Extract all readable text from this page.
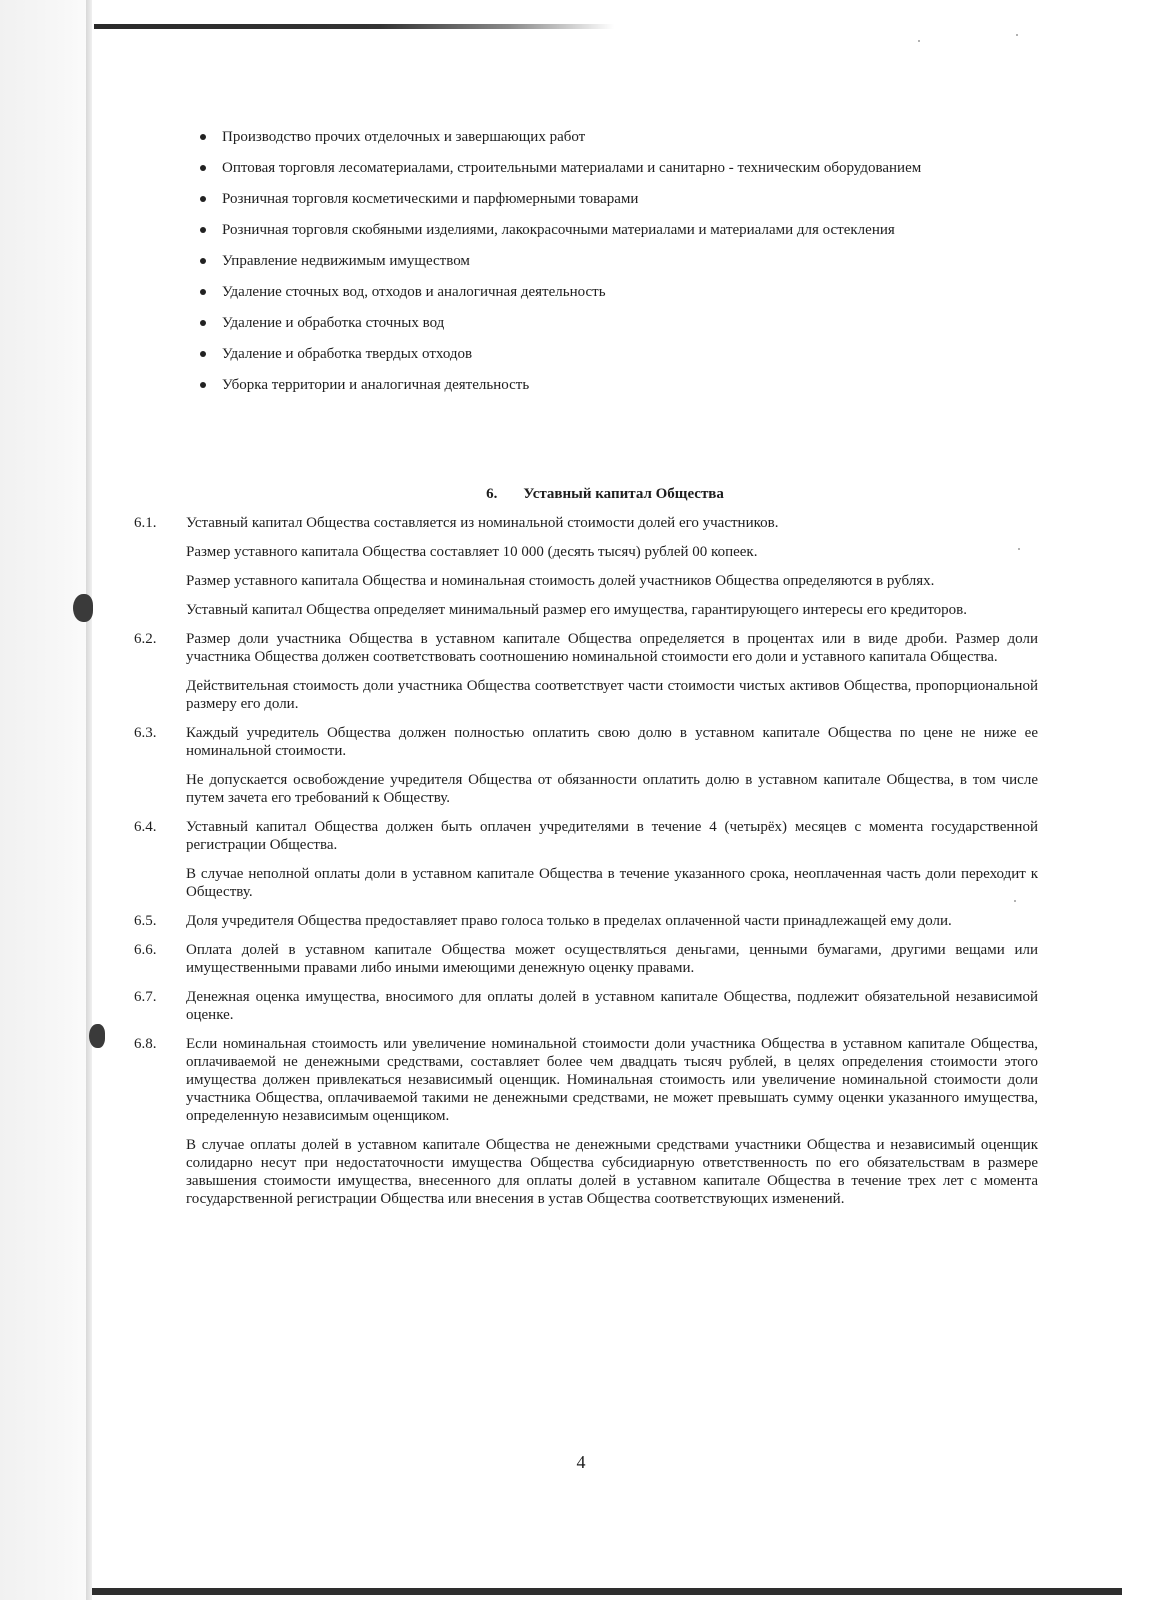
Производство прочих отделочных и завершающих работ
Оптовая торговля лесоматериалами, строительными материалами и санитарно - техническим оборудованием
Розничная торговля косметическими и парфюмерными товарами
Розничная торговля скобяными изделиями, лакокрасочными материалами и материалами для остекления
Управление недвижимым имуществом
Удаление сточных вод, отходов и аналогичная деятельность
Удаление и обработка сточных вод
Удаление и обработка твердых отходов
Уборка территории и аналогичная деятельность
6. Уставный капитал Общества
6.1. Уставный капитал Общества составляется из номинальной стоимости долей его участников.

Размер уставного капитала Общества составляет 10 000 (десять тысяч) рублей 00 копеек.

Размер уставного капитала Общества и номинальная стоимость долей участников Общества определяются в рублях.

Уставный капитал Общества определяет минимальный размер его имущества, гарантирующего интересы его кредиторов.

6.2. Размер доли участника Общества в уставном капитале Общества определяется в процентах или в виде дроби. Размер доли участника Общества должен соответствовать соотношению номинальной стоимости его доли и уставного капитала Общества.

Действительная стоимость доли участника Общества соответствует части стоимости чистых активов Общества, пропорциональной размеру его доли.

6.3. Каждый учредитель Общества должен полностью оплатить свою долю в уставном капитале Общества по цене не ниже ее номинальной стоимости.

Не допускается освобождение учредителя Общества от обязанности оплатить долю в уставном капитале Общества, в том числе путем зачета его требований к Обществу.

6.4. Уставный капитал Общества должен быть оплачен учредителями в течение 4 (четырёх) месяцев с момента государственной регистрации Общества.

В случае неполной оплаты доли в уставном капитале Общества в течение указанного срока, неоплаченная часть доли переходит к Обществу.

6.5. Доля учредителя Общества предоставляет право голоса только в пределах оплаченной части принадлежащей ему доли.

6.6. Оплата долей в уставном капитале Общества может осуществляться деньгами, ценными бумагами, другими вещами или имущественными правами либо иными имеющими денежную оценку правами.

6.7. Денежная оценка имущества, вносимого для оплаты долей в уставном капитале Общества, подлежит обязательной независимой оценке.

6.8. Если номинальная стоимость или увеличение номинальной стоимости доли участника Общества в уставном капитале Общества, оплачиваемой не денежными средствами, составляет более чем двадцать тысяч рублей, в целях определения стоимости этого имущества должен привлекаться независимый оценщик. Номинальная стоимость или увеличение номинальной стоимости доли участника Общества, оплачиваемой такими не денежными средствами, не может превышать сумму оценки указанного имущества, определенную независимым оценщиком.

В случае оплаты долей в уставном капитале Общества не денежными средствами участники Общества и независимый оценщик солидарно несут при недостаточности имущества Общества субсидиарную ответственность по его обязательствам в размере завышения стоимости имущества, внесенного для оплаты долей в уставном капитале Общества в течение трех лет с момента государственной регистрации Общества или внесения в устав Общества соответствующих изменений.

4
